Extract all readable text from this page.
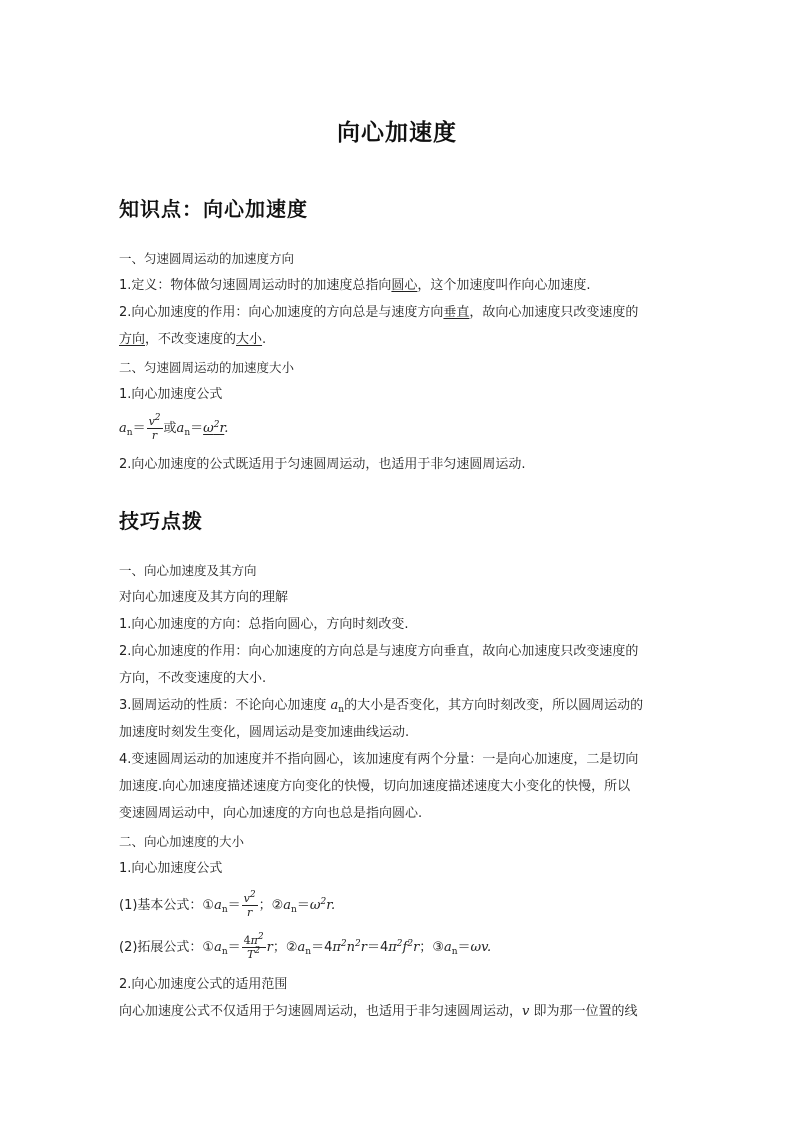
向心加速度
知识点：向心加速度
一、匀速圆周运动的加速度方向
1.定义：物体做匀速圆周运动时的加速度总指向圆心，这个加速度叫作向心加速度.
2.向心加速度的作用：向心加速度的方向总是与速度方向垂直，故向心加速度只改变速度的
方向，不改变速度的大小.
二、匀速圆周运动的加速度大小
1.向心加速度公式
$a_n= \frac{v^2}{r}$ 或$a_n=\omega^2r$.
2.向心加速度的公式既适用于匀速圆周运动，也适用于非匀速圆周运动.
技巧点拨
一、向心加速度及其方向
对向心加速度及其方向的理解
1.向心加速度的方向：总指向圆心，方向时刻改变.
2.向心加速度的作用：向心加速度的方向总是与速度方向垂直，故向心加速度只改变速度的
方向，不改变速度的大小.
3.圆周运动的性质：不论向心加速度 $a_n$的大小是否变化，其方向时刻改变，所以圆周运动的
加速度时刻发生变化，圆周运动是变加速曲线运动.
4.变速圆周运动的加速度并不指向圆心，该加速度有两个分量：一是向心加速度，二是切向
加速度.向心加速度描述速度方向变化的快慢，切向加速度描述速度大小变化的快慢，所以
变速圆周运动中，向心加速度的方向也总是指向圆心.
二、向心加速度的大小
1.向心加速度公式
(1)基本公式：$①a_n= \frac{v^2}{r}$ ；$②a_n=\omega^2r$.
(2)拓展公式：$①a_n= \frac{4\pi^2}{T^2}$ r；$②a_n=4\pi^2n^2r=4\pi^2f^2r$；$③a_n=\omega v$.
2.向心加速度公式的适用范围
向心加速度公式不仅适用于匀速圆周运动，也适用于非匀速圆周运动，v 即为那一位置的线
